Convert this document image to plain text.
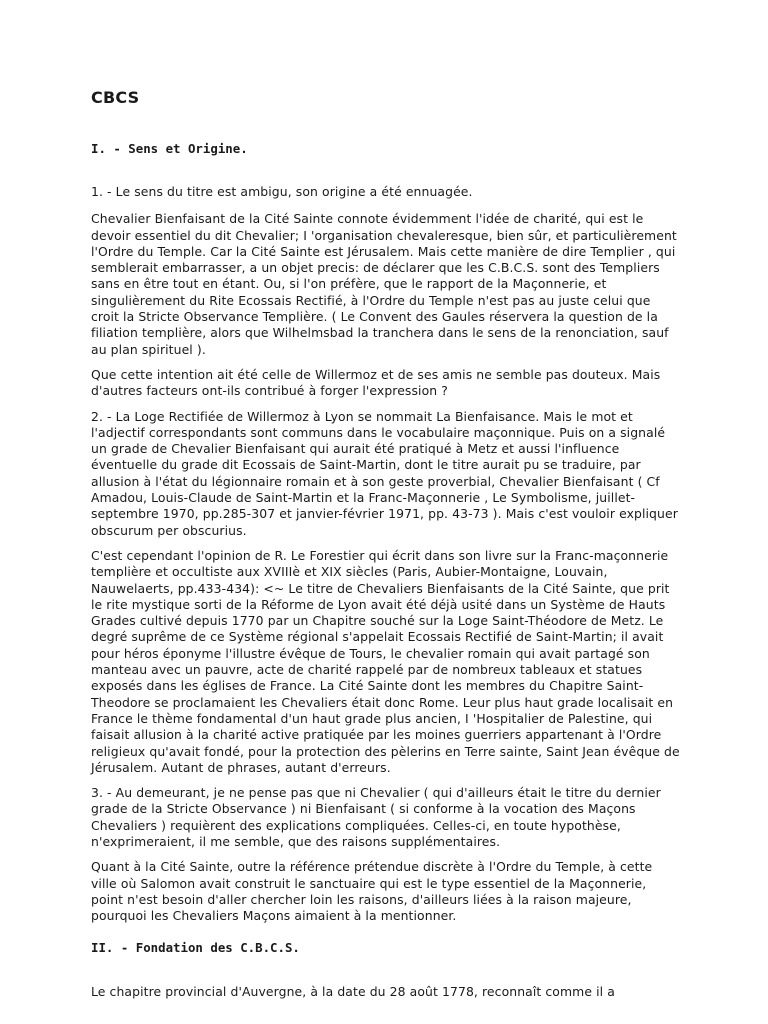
CBCS
I. - Sens et Origine.

1. - Le sens du titre est ambigu, son origine a été ennuagée.

Chevalier Bienfaisant de la Cité Sainte connote évidemment l'idée de charité, qui est le devoir essentiel du dit Chevalier; I 'organisation chevaleresque, bien sûr, et particulièrement l'Ordre du Temple. Car la Cité Sainte est Jérusalem. Mais cette manière de dire Templier , qui semblerait embarrasser, a un objet precis: de déclarer que les C.B.C.S. sont des Templiers sans en être tout en étant. Ou, si l'on préfère, que le rapport de la Maçonnerie, et singulièrement du Rite Ecossais Rectifié, à l'Ordre du Temple n'est pas au juste celui que croit la Stricte Observance Templière. ( Le Convent des Gaules réservera la question de la filiation templière, alors que Wilhelmsbad la tranchera dans le sens de la renonciation, sauf au plan spirituel ).

Que cette intention ait été celle de Willermoz et de ses amis ne semble pas douteux. Mais d'autres facteurs ont-ils contribué à forger l'expression ?

2. - La Loge Rectifiée de Willermoz à Lyon se nommait La Bienfaisance. Mais le mot et l'adjectif correspondants sont communs dans le vocabulaire maçonnique. Puis on a signalé un grade de Chevalier Bienfaisant qui aurait été pratiqué à Metz et aussi l'influence éventuelle du grade dit Ecossais de Saint-Martin, dont le titre aurait pu se traduire, par allusion à l'état du légionnaire romain et à son geste proverbial, Chevalier Bienfaisant ( Cf Amadou, Louis-Claude de Saint-Martin et la Franc-Maçonnerie , Le Symbolisme, juillet-septembre 1970, pp.285-307 et janvier-février 1971, pp. 43-73 ). Mais c'est vouloir expliquer obscurum per obscurius.

C'est cependant l'opinion de R. Le Forestier qui écrit dans son livre sur la Franc-maçonnerie templière et occultiste aux XVIIIè et XIX siècles (Paris, Aubier-Montaigne, Louvain, Nauwelaerts, pp.433-434): <~ Le titre de Chevaliers Bienfaisants de la Cité Sainte, que prit le rite mystique sorti de la Réforme de Lyon avait été déjà usité dans un Système de Hauts Grades cultivé depuis 1770 par un Chapitre souché sur la Loge Saint-Théodore de Metz. Le degré suprême de ce Système régional s'appelait Ecossais Rectifié de Saint-Martin; il avait pour héros éponyme l'illustre évêque de Tours, le chevalier romain qui avait partagé son manteau avec un pauvre, acte de charité rappelé par de nombreux tableaux et statues exposés dans les églises de France. La Cité Sainte dont les membres du Chapitre Saint-Theodore se proclamaient les Chevaliers était donc Rome. Leur plus haut grade localisait en France le thème fondamental d'un haut grade plus ancien, I 'Hospitalier de Palestine, qui faisait allusion à la charité active pratiquée par les moines guerriers appartenant à l'Ordre religieux qu'avait fondé, pour la protection des pèlerins en Terre sainte, Saint Jean évêque de Jérusalem. Autant de phrases, autant d'erreurs.

3. - Au demeurant, je ne pense pas que ni Chevalier ( qui d'ailleurs était le titre du dernier grade de la Stricte Observance ) ni Bienfaisant ( si conforme à la vocation des Maçons Chevaliers ) requièrent des explications compliquées. Celles-ci, en toute hypothèse, n'exprimeraient, il me semble, que des raisons supplémentaires.

Quant à la Cité Sainte, outre la référence prétendue discrète à l'Ordre du Temple, à cette ville où Salomon avait construit le sanctuaire qui est le type essentiel de la Maçonnerie, point n'est besoin d'aller chercher loin les raisons, d'ailleurs liées à la raison majeure, pourquoi les Chevaliers Maçons aimaient à la mentionner.

II. - Fondation des C.B.C.S.

Le chapitre provincial d'Auvergne, à la date du 28 août 1778, reconnaît comme il a
